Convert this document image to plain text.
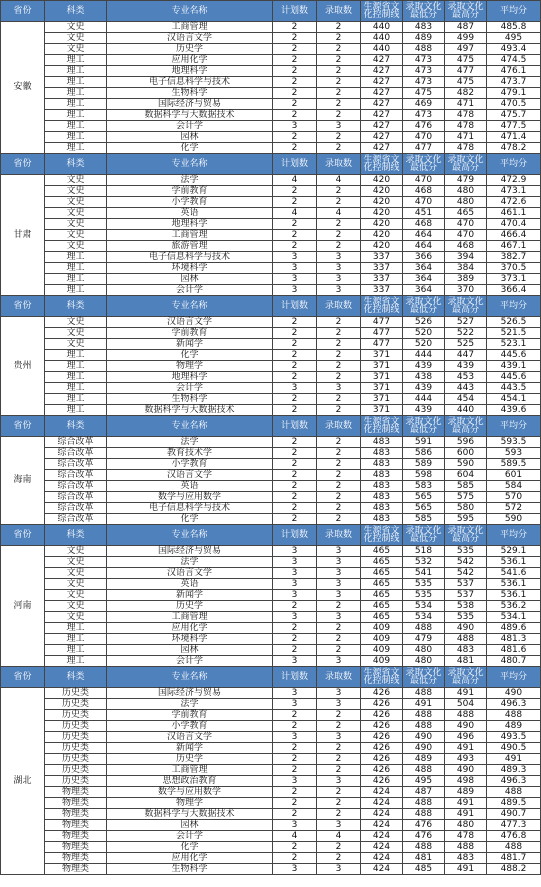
省份	科类	专业名称	计划数	录取数	生源省文化控制线	录取文化最低分	录取文化最高分	平均分
安徽	文史	工商管理	2	2	440	483	487	485.8
	文史	汉语言文学	2	2	440	489	499	495
	文史	历史学	2	2	440	488	497	493.4
	理工	应用化学	2	2	427	473	475	474.5
	理工	地理科学	2	2	427	473	477	476.1
	理工	电子信息科学与技术	2	2	427	473	475	473.7
	理工	生物科学	2	2	427	475	482	479.1
	理工	国际经济与贸易	2	2	427	469	471	470.5
	理工	数据科学与大数据技术	2	2	427	473	478	475.7
	理工	会计学	3	3	427	476	478	477.5
	理工	园林	2	2	427	470	471	471.4
	理工	化学	2	2	427	477	478	478.2
省份	科类	专业名称	计划数	录取数	生源省文化控制线	录取文化最低分	录取文化最高分	平均分
甘肃	文史	法学	4	4	420	470	479	472.9
	文史	学前教育	2	2	420	468	480	473.1
	文史	小学教育	2	2	420	470	480	472.6
	文史	英语	4	4	420	451	465	461.1
	文史	地理科学	2	2	420	468	470	470.4
	文史	工商管理	2	2	420	464	470	466.4
	文史	旅游管理	2	2	420	464	468	467.1
	理工	电子信息科学与技术	3	3	337	366	394	382.7
	理工	环境科学	3	3	337	364	384	370.5
	理工	园林	3	3	337	364	389	373.1
	理工	会计学	3	3	337	364	370	366.4
省份	科类	专业名称	计划数	录取数	生源省文化控制线	录取文化最低分	录取文化最高分	平均分
贵州	文史	汉语言文学	2	2	477	526	527	526.5
	文史	学前教育	2	2	477	520	522	521.5
	文史	新闻学	2	2	477	520	525	523.1
	理工	化学	2	2	371	444	447	445.6
	理工	物理学	2	2	371	439	439	439.1
	理工	地理科学	2	2	371	438	453	445.6
	理工	会计学	3	3	371	439	443	443.5
	理工	生物科学	2	2	371	444	454	454.1
	理工	数据科学与大数据技术	2	2	371	439	440	439.6
省份	科类	专业名称	计划数	录取数	生源省文化控制线	录取文化最低分	录取文化最高分	平均分
海南	综合改革	法学	2	2	483	591	596	593.5
	综合改革	教育技术学	2	2	483	586	600	593
	综合改革	小学教育	2	2	483	589	590	589.5
	综合改革	汉语言文学	2	2	483	598	604	601
	综合改革	英语	2	2	483	583	585	584
	综合改革	数学与应用数学	2	2	483	565	575	570
	综合改革	电子信息科学与技术	2	2	483	565	580	572
	综合改革	化学	2	2	483	585	595	590
省份	科类	专业名称	计划数	录取数	生源省文化控制线	录取文化最低分	录取文化最高分	平均分
河南	文史	国际经济与贸易	3	3	465	518	535	529.1
	文史	法学	3	3	465	532	542	536.1
	文史	汉语言文学	3	3	465	541	542	541.6
	文史	英语	3	3	465	535	537	536.1
	文史	新闻学	3	3	465	535	537	536.1
	文史	历史学	2	2	465	534	538	536.2
	文史	工商管理	3	3	465	534	535	534.1
	理工	应用化学	2	2	409	488	490	489.6
	理工	环境科学	2	2	409	479	488	481.3
	理工	园林	2	2	409	480	483	481.6
	理工	会计学	3	3	409	480	481	480.7
省份	科类	专业名称	计划数	录取数	生源省文化控制线	录取文化最低分	录取文化最高分	平均分
湖北	历史类	国际经济与贸易	3	3	426	488	491	490
	历史类	法学	3	3	426	491	504	496.3
	历史类	学前教育	2	2	426	488	488	488
	历史类	小学教育	2	2	426	488	490	489
	历史类	汉语言文学	3	3	426	490	496	493.5
	历史类	新闻学	2	2	426	490	491	490.5
	历史类	历史学	2	2	426	489	493	491
	历史类	工商管理	2	2	426	488	490	489.3
	历史类	思想政治教育	3	3	426	495	498	496.3
	物理类	数学与应用数学	2	2	424	487	489	488
	物理类	物理学	2	2	424	488	491	489.5
	物理类	数据科学与大数据技术	2	2	424	488	491	490.7
	物理类	园林	3	3	424	476	480	477.3
	物理类	会计学	4	4	424	476	478	476.8
	物理类	化学	2	2	424	488	488	488
	物理类	应用化学	2	2	424	481	483	481.7
	物理类	生物科学	3	3	424	485	491	488.2
